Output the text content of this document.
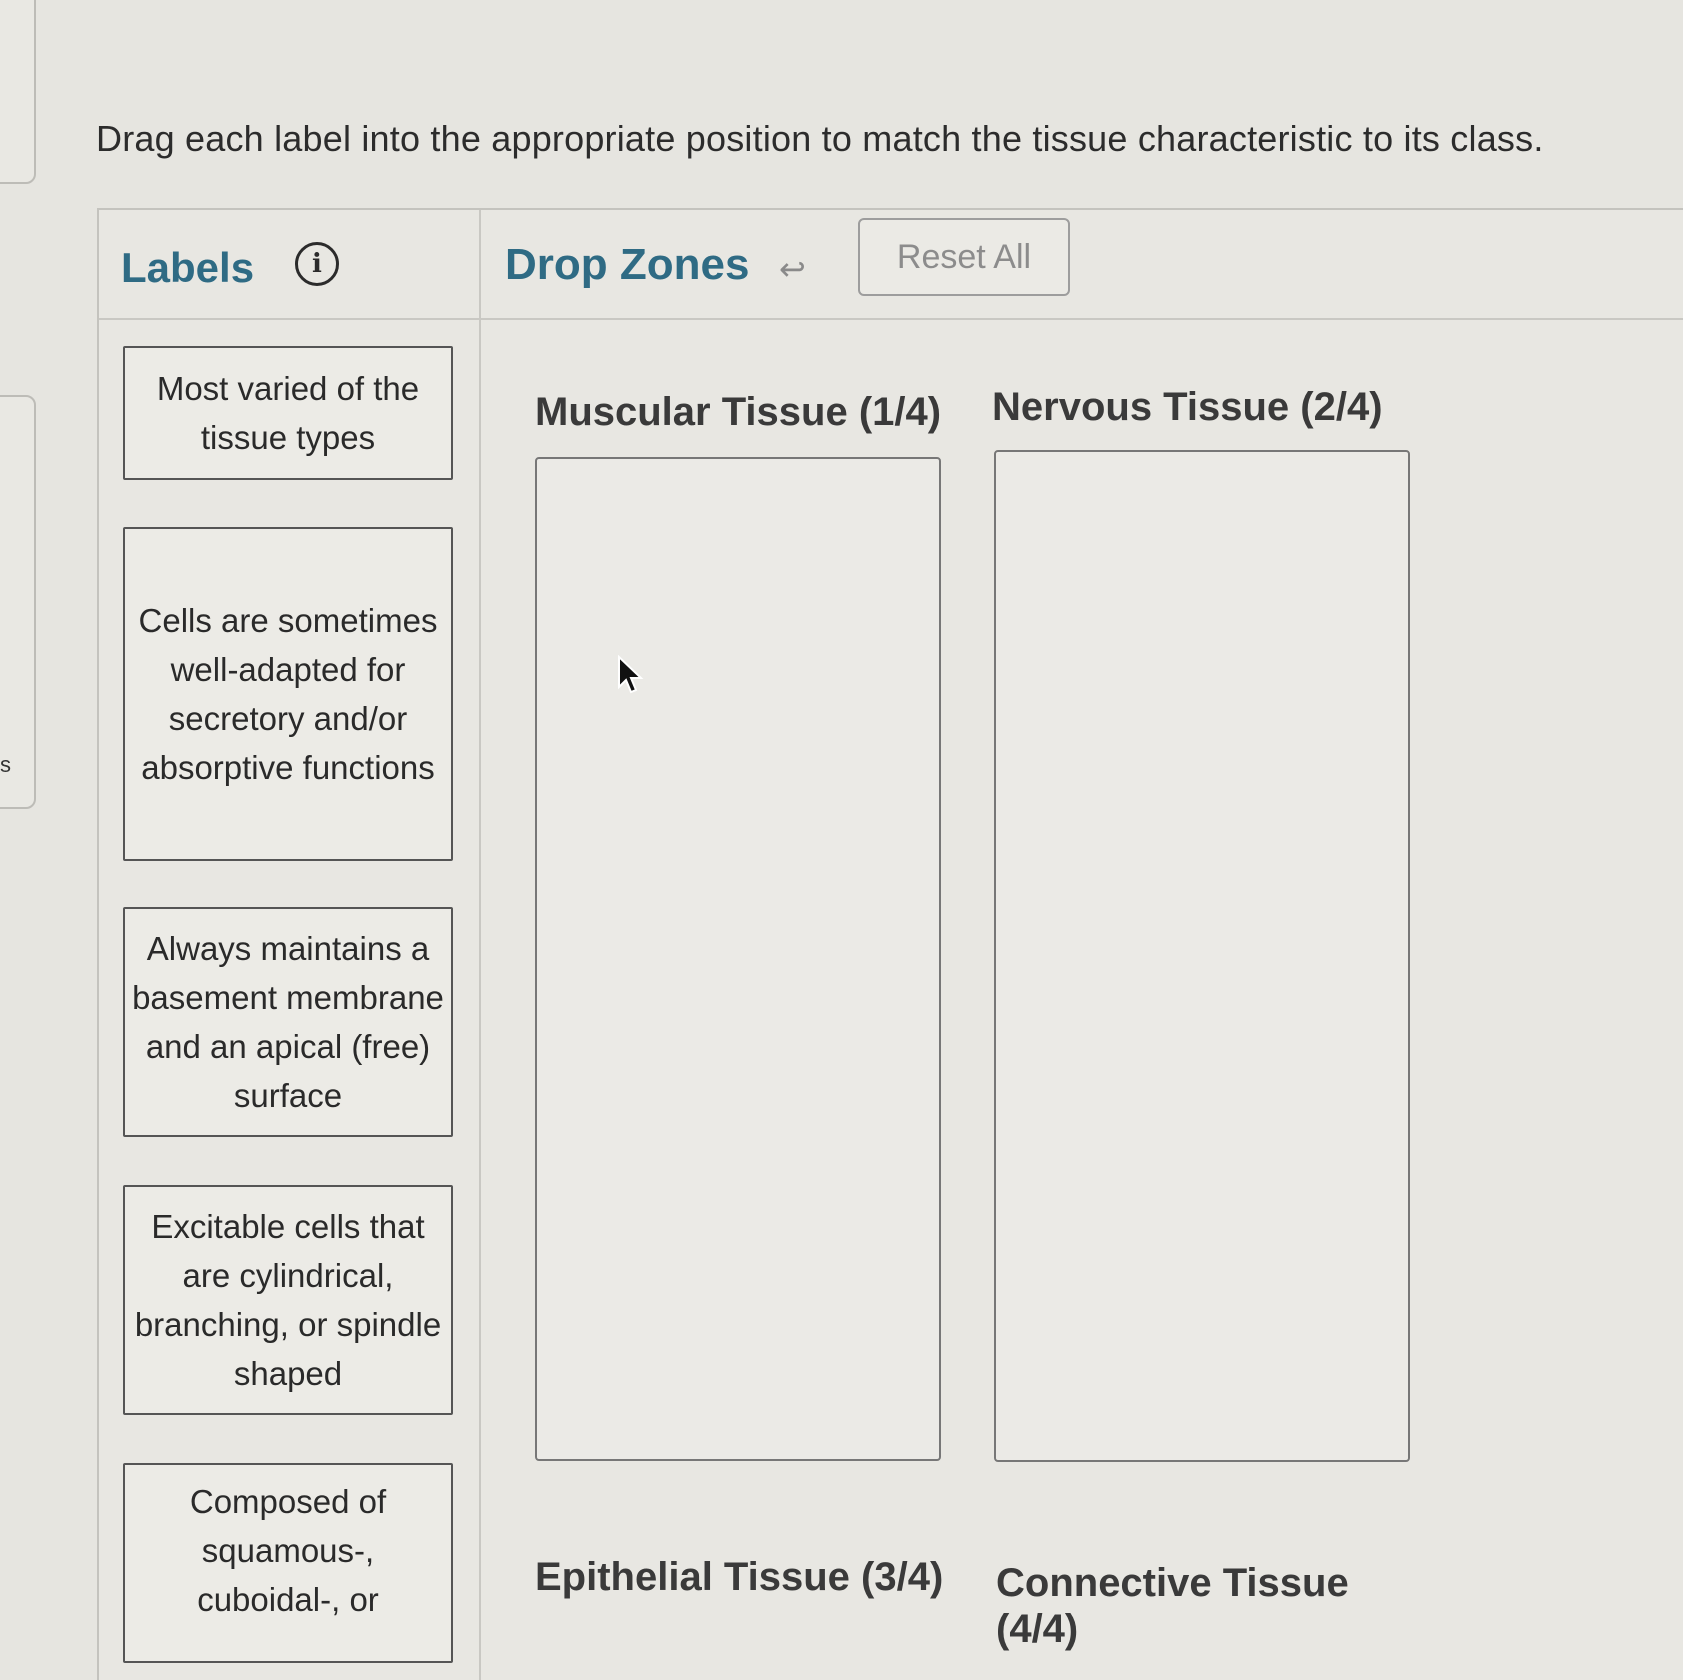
s
Drag each label into the appropriate position to match the tissue characteristic to its class.
Labels	i
Most varied of the tissue types
Cells are sometimes well-adapted for secretory and/or absorptive functions
Always maintains a basement membrane and an apical (free) surface
Excitable cells that are cylindrical, branching, or spindle shaped
Composed of squamous-, cuboidal-, or
Drop Zones ↩	Reset All
Muscular Tissue (1/4) Nervous Tissue (2/4)
Epithelial Tissue (3/4) Connective Tissue (4/4)
